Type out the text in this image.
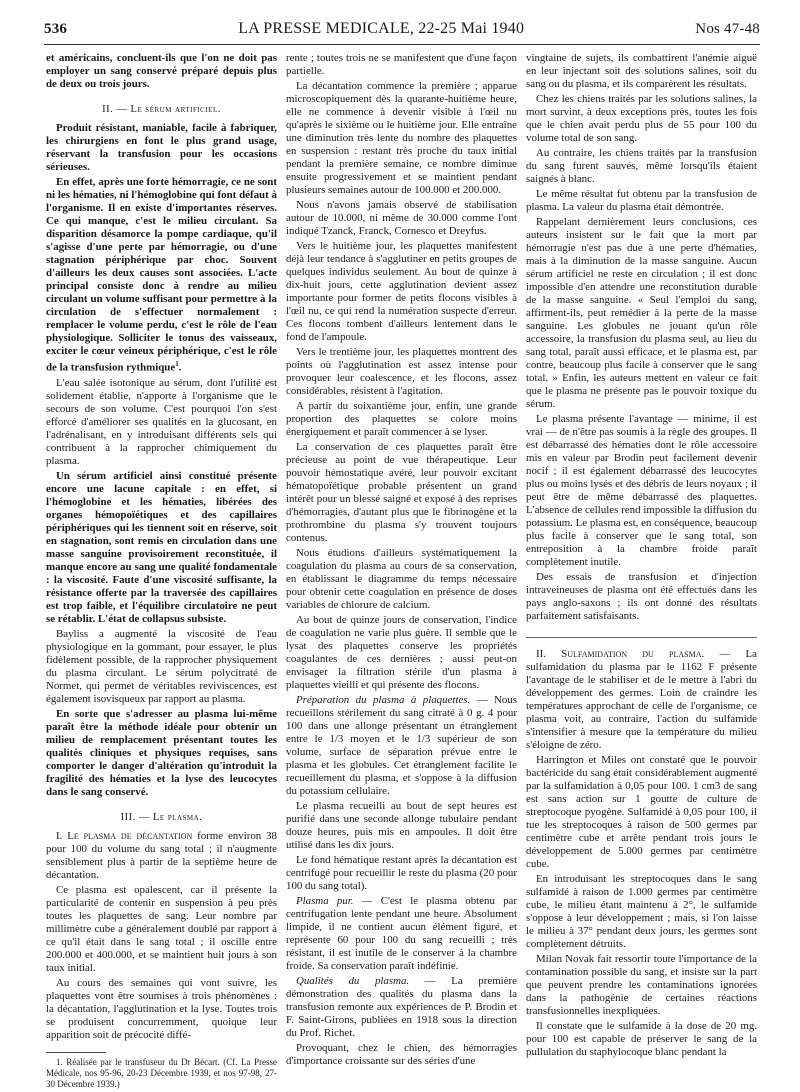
536	LA PRESSE MEDICALE, 22-25 Mai 1940	Nos 47-48

et américains, concluent-ils que l'on ne doit pas employer un sang conservé préparé depuis plus de deux ou trois jours.

II. — Le sérum artificiel.

Produit résistant, maniable, facile à fabriquer, les chirurgiens en font le plus grand usage, réservant la transfusion pour les occasions sérieuses.

En effet, après une forte hémorragie, ce ne sont ni les hématies, ni l'hémoglobine qui font défaut à l'organisme. Il en existe d'importantes réserves. Ce qui manque, c'est le milieu circulant. Sa disparition désamorce la pompe cardiaque, qu'il s'agisse d'une perte par hémorragie, ou d'une stagnation périphérique par choc. Souvent d'ailleurs les deux causes sont associées. L'acte principal consiste donc à rendre au milieu circulant un volume suffisant pour permettre à la circulation de s'effectuer normalement : remplacer le volume perdu, c'est le rôle de l'eau physiologique. Solliciter le tonus des vaisseaux, exciter le cœur veineux périphérique, c'est le rôle de la transfusion rythmique$^1$.

L'eau salée isotonique au sérum, dont l'utilité est solidement établie, n'apporte à l'organisme que le secours de son volume. C'est pourquoi l'on s'est efforcé d'améliorer ses qualités en la glucosant, en l'adrénalisant, en y introduisant différents sels qui contribuent à la rapprocher chimiquement du plasma.

Un sérum artificiel ainsi constitué présente encore une lacune capitale : en effet, si l'hémoglobine et les hématies, libérées des organes hémopoïétiques et des capillaires périphériques qui les tiennent soit en réserve, soit en stagnation, sont remis en circulation dans une masse sanguine provisoirement reconstituée, il manque encore au sang une qualité fondamentale : la viscosité. Faute d'une viscosité suffisante, la résistance offerte par la traversée des capillaires est trop faible, et l'équilibre circulatoire ne peut se rétablir. L'état de collapsus subsiste.

Bayliss a augmenté la viscosité de l'eau physiologique en la gommant, pour essayer, le plus fidèlement possible, de la rapprocher physiquement du plasma circulant. Le sérum polycitraté de Normet, qui permet de véritables reviviscences, est également isovisqueux par rapport au plasma.

En sorte que s'adresser au plasma lui-même paraît être la méthode idéale pour obtenir un milieu de remplacement présentant toutes les qualités cliniques et physiques requises, sans comporter le danger d'altération qu'introduit la fragilité des hématies et la lyse des leucocytes dans le sang conservé.

III. — Le plasma.

I. Le plasma de décantation forme environ 38 pour 100 du volume du sang total ; il n'augmente sensiblement plus à partir de la septième heure de décantation.

Ce plasma est opalescent, car il présente la particularité de contenir en suspension à peu près toutes les plaquettes de sang. Leur nombre par millimètre cube a généralement doublé par rapport à ce qu'il était dans le sang total ; il oscille entre 200.000 et 400.000, et se maintient huit jours à son taux initial.

Au cours des semaines qui vont suivre, les plaquettes vont être soumises à trois phénomènes : la décantation, l'agglutination et la lyse. Toutes trois se produisent concurremment, quoique leur apparition soit de précocité diffé-

1. Réalisée par le transfuseur du Dr Bécart. (Cf. La Presse Médicale, nos 95-96, 20-23 Décembre 1939, et nos 97-98, 27-30 Décembre 1939.)

rente ; toutes trois ne se manifestent que d'une façon partielle.

La décantation commence la première ; apparue microscopiquement dès la quarante-huitième heure, elle ne commence à devenir visible à l'œil nu qu'après le sixième ou le huitième jour. Elle entraîne une diminution très lente du nombre des plaquettes en suspension : restant très proche du taux initial pendant la première semaine, ce nombre diminue ensuite progressivement et se maintient pendant plusieurs semaines autour de 100.000 et 200.000.

Nous n'avons jamais observé de stabilisation autour de 10.000, ni même de 30.000 comme l'ont indiqué Tzanck, Franck, Cornesco et Dreyfus.

Vers le huitième jour, les plaquettes manifestent déjà leur tendance à s'agglutiner en petits groupes de quelques individus seulement. Au bout de quinze à dix-huit jours, cette agglutination devient assez importante pour former de petits flocons visibles à l'œil nu, ce qui rend la numération suspecte d'erreur. Ces flocons tombent d'ailleurs lentement dans le fond de l'ampoule.

Vers le trentième jour, les plaquettes montrent des points où l'agglutination est assez intense pour provoquer leur coalescence, et les flocons, assez considérables, résistent à l'agitation.

A partir du soixantième jour, enfin, une grande proportion des plaquettes se colore moins énergiquement et paraît commencer à se lyser.

La conservation de ces plaquettes paraît être précieuse au point de vue thérapeutique. Leur pouvoir hémostatique avéré, leur pouvoir excitant hématopoïétique probable présentent un grand intérêt pour un blessé saigné et exposé à des reprises d'hémorragies, d'autant plus que le fibrinogène et la prothrombine du plasma s'y trouvent toujours contenus.

Nous étudions d'ailleurs systématiquement la coagulation du plasma au cours de sa conservation, en établissant le diagramme du temps nécessaire pour obtenir cette coagulation en présence de doses variables de chlorure de calcium.

Au bout de quinze jours de conservation, l'indice de coagulation ne varie plus guère. Il semble que le lysat des plaquettes conserve les propriétés coagulantes de ces dernières ; aussi peut-on envisager la filtration stérile d'un plasma à plaquettes vieilli et qui présente des flocons.

Préparation du plasma à plaquettes. — Nous recueillons stérilement du sang citraté à 0 g. 4 pour 100 dans une allonge présentant un étranglement entre le 1/3 moyen et le 1/3 supérieur de son volume, surface de séparation prévue entre le plasma et les globules. Cet étranglement facilite le recueillement du plasma, et s'oppose à la diffusion du potassium cellulaire.

Le plasma recueilli au bout de sept heures est purifié dans une seconde allonge tubulaire pendant douze heures, puis mis en ampoules. Il doit être utilisé dans les dix jours.

Le fond hématique restant après la décantation est centrifugé pour recueillir le reste du plasma (20 pour 100 du sang total).

Plasma pur. — C'est le plasma obtenu par centrifugation lente pendant une heure. Absolument limpide, il ne contient aucun élément figuré, et représente 60 pour 100 du sang recueilli ; très résistant, il est inutile de le conserver à la chambre froide. Sa conservation paraît indéfinie.

Qualités du plasma. — La première démonstration des qualités du plasma dans la transfusion remonte aux expériences de P. Brodin et F. Saint-Girons, publiées en 1918 sous la direction du Prof. Richet.

Provoquant, chez le chien, des hémorragies d'importance croissante sur des séries d'une

vingtaine de sujets, ils combattirent l'anémie aiguë en leur injectant soit des solutions salines, soit du sang ou du plasma, et ils comparèrent les résultats.

Chez les chiens traités par les solutions salines, la mort survint, à deux exceptions près, toutes les fois que le chien avait perdu plus de 55 pour 100 du volume total de son sang.

Au contraire, les chiens traités par la transfusion du sang furent sauvés, même lorsqu'ils étaient saignés à blanc.

Le même résultat fut obtenu par la transfusion de plasma. La valeur du plasma était démontrée.

Rappelant dernièrement leurs conclusions, ces auteurs insistent sur le fait que la mort par hémorragie n'est pas due à une perte d'hématies, mais à la diminution de la masse sanguine. Aucun sérum artificiel ne reste en circulation ; il est donc impossible d'en attendre une reconstitution durable de la masse sanguine. « Seul l'emploi du sang, affirment-ils, peut remédier à la perte de la masse sanguine. Les globules ne jouant qu'un rôle accessoire, la transfusion du plasma seul, au lieu du sang total, paraît aussi efficace, et le plasma est, par contre, beaucoup plus facile à conserver que le sang total. » Enfin, les auteurs mettent en valeur ce fait que le plasma ne présente pas le pouvoir toxique du sérum.

Le plasma présente l'avantage — minime, il est vrai — de n'être pas soumis à la règle des groupes. Il est débarrassé des hématies dont le rôle accessoire mis en valeur par Brodin peut facilement devenir nocif ; il est également débarrassé des leucocytes plus ou moins lysés et des débris de leurs noyaux ; il peut être de même débarrassé des plaquettes. L'absence de cellules rend impossible la diffusion du potassium. Le plasma est, en conséquence, beaucoup plus facile à conserver que le sang total, son entreposition à la chambre froide paraît complètement inutile.

Des essais de transfusion et d'injection intraveineuses de plasma ont été effectués dans les pays anglo-saxons ; ils ont donné des résultats parfaitement satisfaisants.

II. Sulfamidation du plasma. — La sulfamidation du plasma par le 1162 F présente l'avantage de le stabiliser et de le mettre à l'abri du développement des germes. Loin de craindre les températures approchant de celle de l'organisme, ce plasma voit, au contraire, l'action du sulfamide s'intensifier à mesure que la température du milieu s'éloigne de zéro.

Harrington et Miles ont constaté que le pouvoir bactéricide du sang était considérablement augmenté par la sulfamidation à 0,05 pour 100. 1 cm3 de sang est sans action sur 1 goutte de culture de streptocoque pyogène. Sulfamidé à 0,05 pour 100, il tue les streptocoques à raison de 500 germes par centimètre cube et arrête pendant trois jours le développement de 5.000 germes par centimètre cube.

En introduisant les streptocoques dans le sang sulfamidé à raison de 1.000 germes par centimètre cube, le milieu étant maintenu à 2°, le sulfamide s'oppose à leur développement ; mais, si l'on laisse le milieu à 37° pendant deux jours, les germes sont complètement détruits.

Milan Novak fait ressortir toute l'importance de la contamination possible du sang, et insiste sur la part que peuvent prendre les contaminations ignorées dans la pathogénie de certaines réactions transfusionnelles inexpliquées.

Il constate que le sulfamide à la dose de 20 mg. pour 100 est capable de préserver le sang de la pullulation du staphylocoque blanc pendant la
